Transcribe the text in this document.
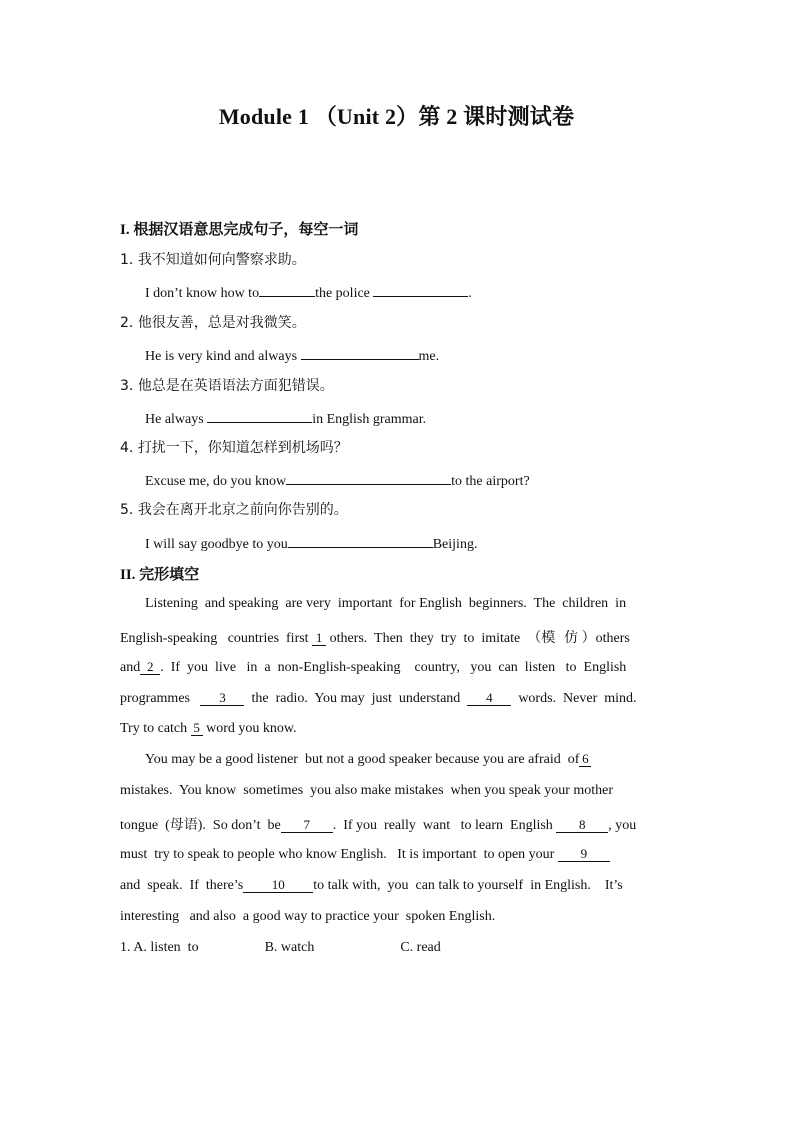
Module 1 （Unit 2）第 2 课时测试卷
I. 根据汉语意思完成句子，每空一词
1. 我不知道如何向警察求助。
I don’t know how to	the police	.
2. 他很友善，总是对我微笑。
He is very kind and always	me.
3. 他总是在英语语法方面犯错误。
He always	in English grammar.
4. 打扰一下，你知道怎样到机场吗？
Excuse me, do you know	to the airport?
5. 我会在离开北京之前向你告别的。
I will say goodbye to you	Beijing.
II. 完形填空
Listening  and speaking  are very  important  for English  beginners.  The  children  in
English-speaking   countries  first 1 others.  Then  they  try  to  imitate  （模  仿 ）others
and 2 .  If  you  live   in  a  non-English-speaking    country,   you  can  listen   to  English
programmes 3 the  radio.  You may  just  understand 4 words.  Never  mind.
Try to catch 5 word you know.
You may be a good listener  but not a good speaker because you are afraid  of 6
mistakes.  You know  sometimes  you also make mistakes  when you speak your mother
tongue  (母语).  So don’t  be 7 .  If you  really  want   to learn  English 8 , you
must  try to speak to people who know English.   It is important  to open your 9
and  speak.  If  there’s 10 to talk with,  you  can talk to yourself  in English.    It’s
interesting   and also  a good way to practice your  spoken English.
1. A. listen  to	B. watch	C. read
